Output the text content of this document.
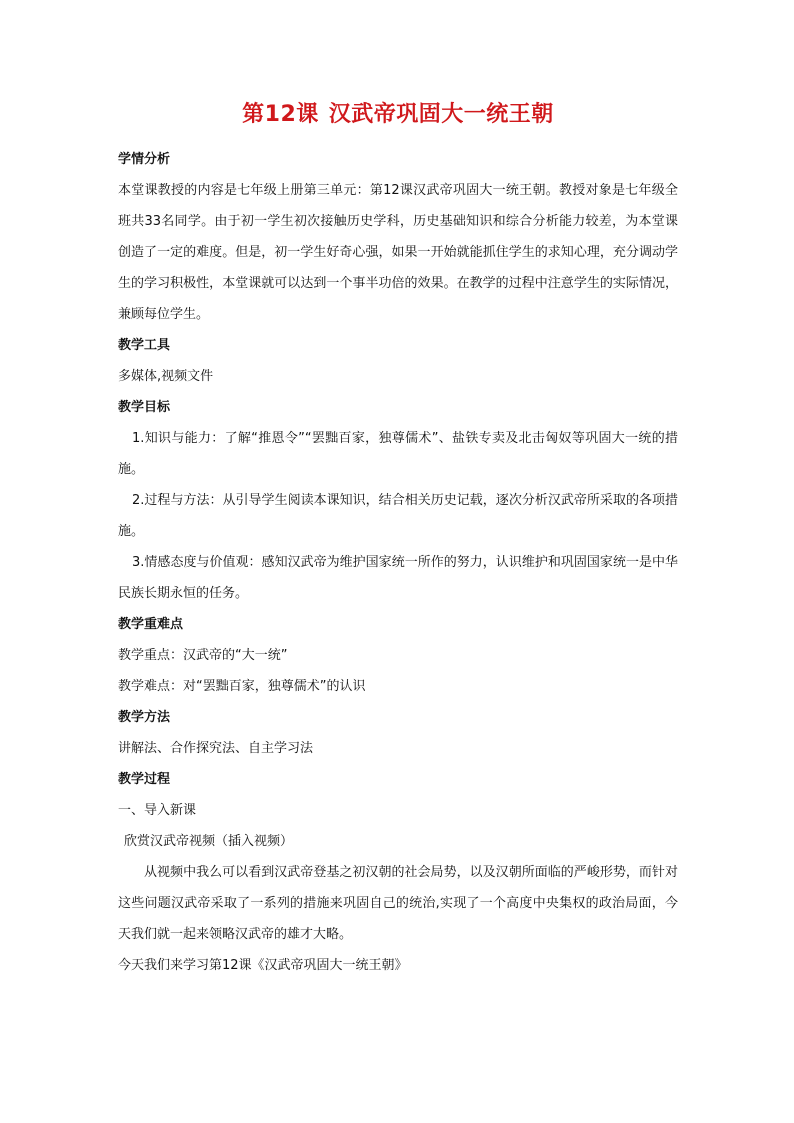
第12课 汉武帝巩固大一统王朝
学情分析
本堂课教授的内容是七年级上册第三单元：第12课汉武帝巩固大一统王朝。教授对象是七年级全班共33名同学。由于初一学生初次接触历史学科，历史基础知识和综合分析能力较差，为本堂课创造了一定的难度。但是，初一学生好奇心强，如果一开始就能抓住学生的求知心理，充分调动学生的学习积极性，本堂课就可以达到一个事半功倍的效果。在教学的过程中注意学生的实际情况，兼顾每位学生。
教学工具
多媒体,视频文件
教学目标
1.知识与能力：了解“推恩令”“罢黜百家，独尊儒术”、盐铁专卖及北击匈奴等巩固大一统的措施。
2.过程与方法：从引导学生阅读本课知识，结合相关历史记载，逐次分析汉武帝所采取的各项措施。
3.情感态度与价值观：感知汉武帝为维护国家统一所作的努力，认识维护和巩固国家统一是中华民族长期永恒的任务。
教学重难点
教学重点：汉武帝的“大一统”
教学难点：对“罢黜百家，独尊儒术”的认识
教学方法
讲解法、合作探究法、自主学习法
教学过程
一、导入新课
欣赏汉武帝视频（插入视频）
从视频中我么可以看到汉武帝登基之初汉朝的社会局势，以及汉朝所面临的严峻形势，而针对这些问题汉武帝采取了一系列的措施来巩固自己的统治,实现了一个高度中央集权的政治局面，今天我们就一起来领略汉武帝的雄才大略。
今天我们来学习第12课《汉武帝巩固大一统王朝》
